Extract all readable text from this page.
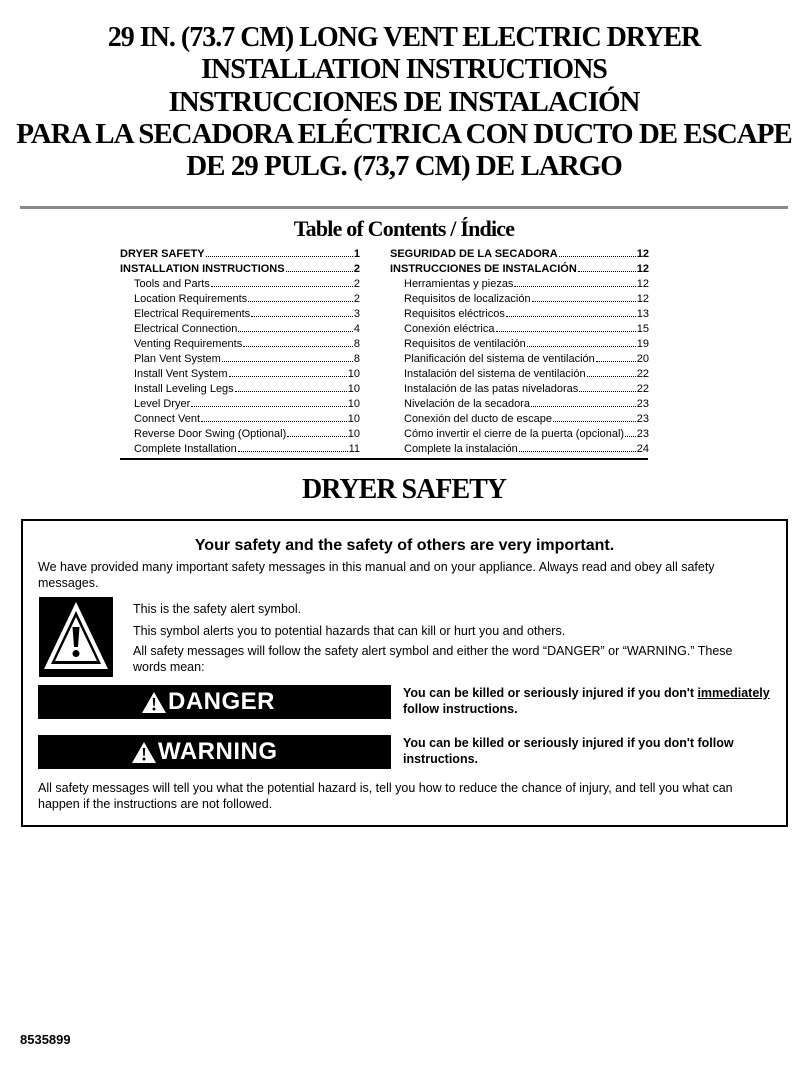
29 IN. (73.7 CM) LONG VENT ELECTRIC DRYER
INSTALLATION INSTRUCTIONS
INSTRUCCIONES DE INSTALACIÓN
PARA LA SECADORA ELÉCTRICA CON DUCTO DE ESCAPE
DE 29 PULG. (73,7 CM) DE LARGO
Table of Contents / Índice
DRYER SAFETY	1
INSTALLATION INSTRUCTIONS	2
Tools and Parts	2
Location Requirements	2
Electrical Requirements	3
Electrical Connection	4
Venting Requirements	8
Plan Vent System	8
Install Vent System	10
Install Leveling Legs	10
Level Dryer	10
Connect Vent	10
Reverse Door Swing (Optional)	10
Complete Installation	11
SEGURIDAD DE LA SECADORA	12
INSTRUCCIONES DE INSTALACIÓN	12
Herramientas y piezas	12
Requisitos de localización	12
Requisitos eléctricos	13
Conexión eléctrica	15
Requisitos de ventilación	19
Planificación del sistema de ventilación	20
Instalación del sistema de ventilación	22
Instalación de las patas niveladoras	22
Nivelación de la secadora	23
Conexión del ducto de escape	23
Cómo invertir el cierre de la puerta (opcional) 23
Complete la instalación	24
DRYER SAFETY
Your safety and the safety of others are very important.
We have provided many important safety messages in this manual and on your appliance. Always read and obey all safety messages.
This is the safety alert symbol.
This symbol alerts you to potential hazards that can kill or hurt you and others.
All safety messages will follow the safety alert symbol and either the word “DANGER” or “WARNING.” These words mean:
DANGER	You can be killed or seriously injured if you don't immediately follow instructions.
WARNING	You can be killed or seriously injured if you don't follow instructions.
All safety messages will tell you what the potential hazard is, tell you how to reduce the chance of injury, and tell you what can happen if the instructions are not followed.
8535899
